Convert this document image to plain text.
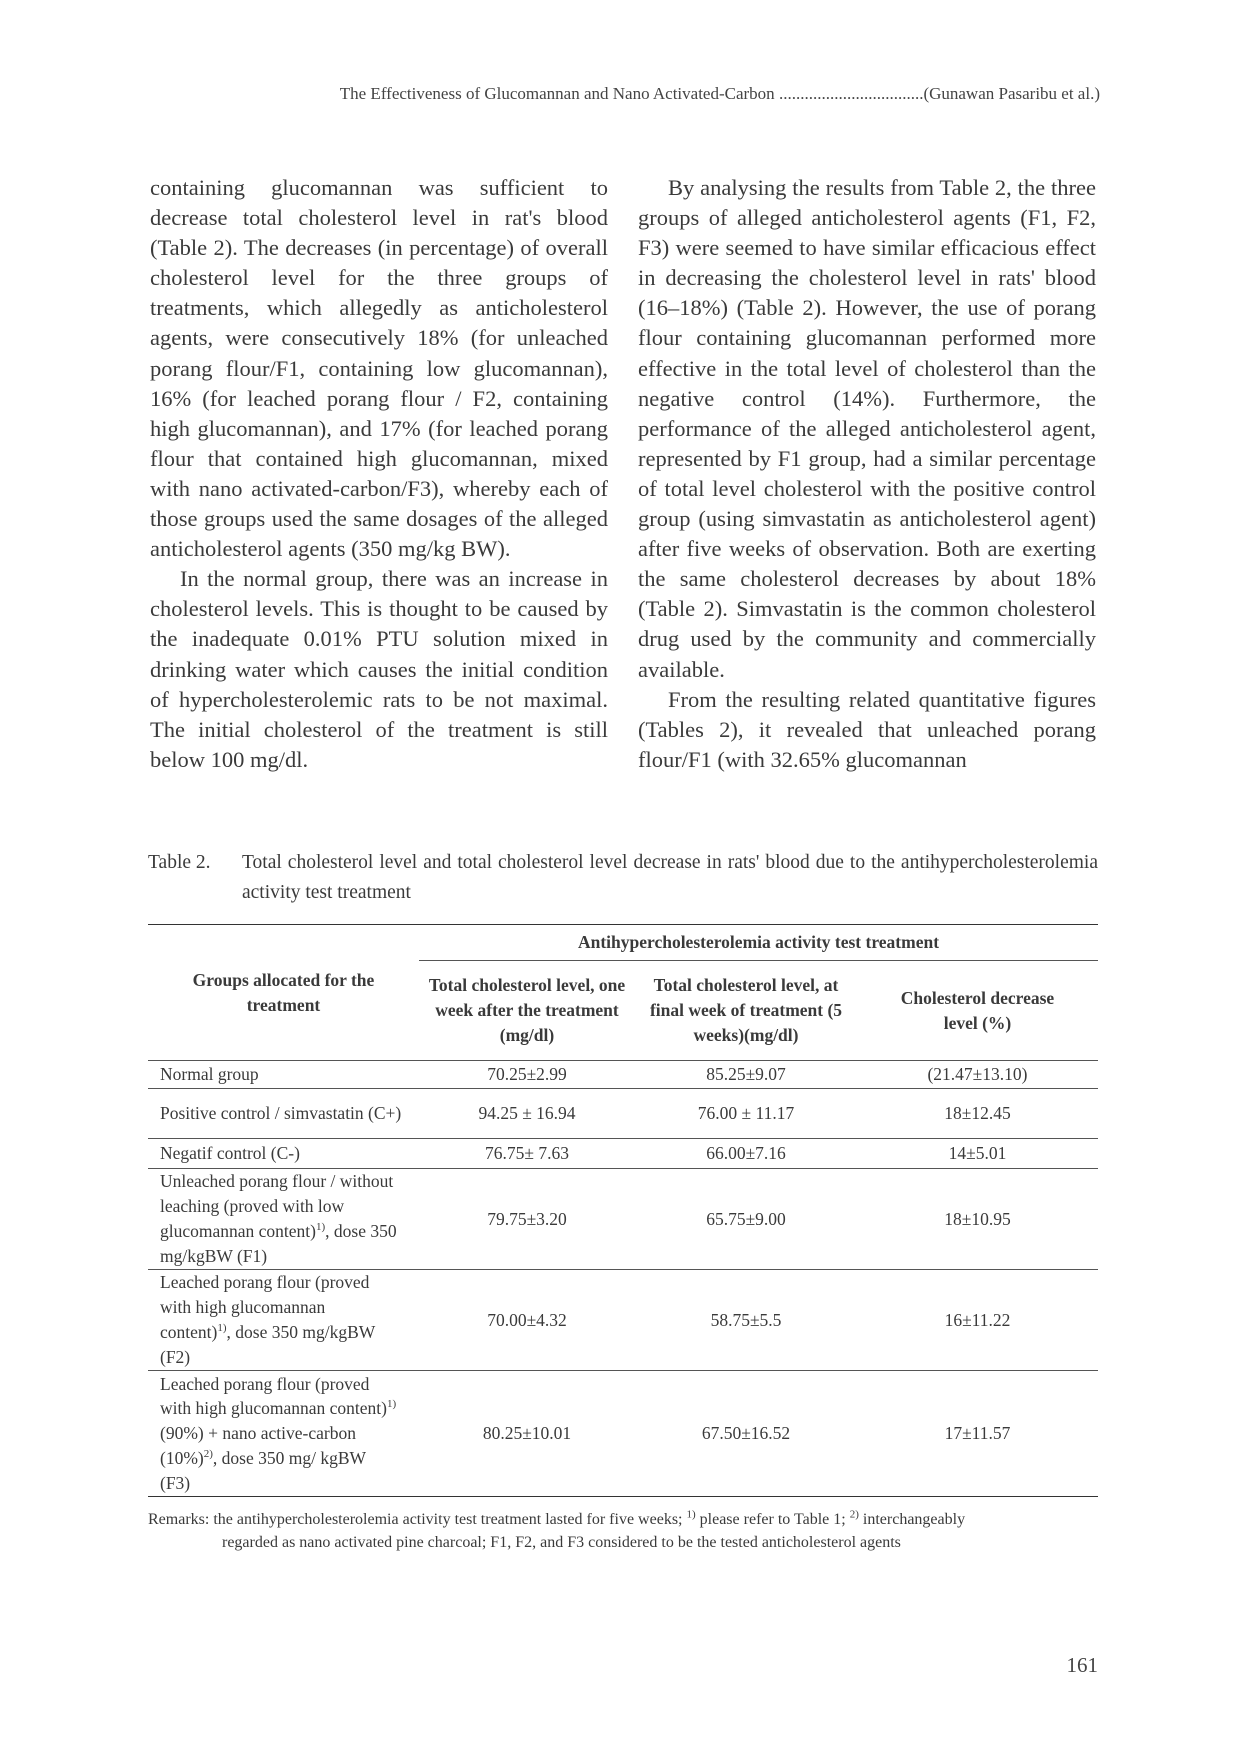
The Effectiveness of Glucomannan and Nano Activated-Carbon ..................................(Gunawan Pasaribu et al.)

containing glucomannan was sufficient to decrease total cholesterol level in rat's blood (Table 2). The decreases (in percentage) of overall cholesterol level for the three groups of treatments, which allegedly as anticholesterol agents, were consecutively 18% (for unleached porang flour/F1, containing low glucomannan), 16% (for leached porang flour / F2, containing high glucomannan), and 17% (for leached porang flour that contained high glucomannan, mixed with nano activated-carbon/F3), whereby each of those groups used the same dosages of the alleged anticholesterol agents (350 mg/kg BW).

In the normal group, there was an increase in cholesterol levels. This is thought to be caused by the inadequate 0.01% PTU solution mixed in drinking water which causes the initial condition of hypercholesterolemic rats to be not maximal. The initial cholesterol of the treatment is still below 100 mg/dl.

By analysing the results from Table 2, the three groups of alleged anticholesterol agents (F1, F2, F3) were seemed to have similar efficacious effect in decreasing the cholesterol level in rats' blood (16–18%) (Table 2). However, the use of porang flour containing glucomannan performed more effective in the total level of cholesterol than the negative control (14%). Furthermore, the performance of the alleged anticholesterol agent, represented by F1 group, had a similar percentage of total level cholesterol with the positive control group (using simvastatin as anticholesterol agent) after five weeks of observation. Both are exerting the same cholesterol decreases by about 18% (Table 2). Simvastatin is the common cholesterol drug used by the community and commercially available.

From the resulting related quantitative figures (Tables 2), it revealed that unleached porang flour/F1 (with 32.65% glucomannan

Table 2.	Total cholesterol level and total cholesterol level decrease in rats' blood due to the antihypercholesterolemia activity test treatment
Groups allocated for the treatment	Antihypercholesterolemia activity test treatment		
	Total cholesterol level, one week after the treatment (mg/dl)	Total cholesterol level, at final week of treatment (5 weeks)(mg/dl)	Cholesterol decrease level (%)
Normal group	70.25±2.99	85.25±9.07	(21.47±13.10)
Positive control / simvastatin (C+)	94.25 ± 16.94	76.00 ± 11.17	18±12.45
Negatif control (C-)	76.75± 7.63	66.00±7.16	14±5.01
Unleached porang flour / without leaching (proved with low glucomannan content)$^{1)}$, dose 350 mg/kgBW (F1)	79.75±3.20	65.75±9.00	18±10.95
Leached porang flour (proved with high glucomannan content)$^{1)}$, dose 350 mg/kgBW (F2)	70.00±4.32	58.75±5.5	16±11.22
Leached porang flour (proved with high glucomannan content)$^{1)}$ (90%) + nano active-carbon $(10\%)^{2)}$, dose 350 mg/ kgBW (F3)	80.25±10.01	67.50±16.52	17±11.57
Remarks: the antihypercholesterolemia activity test treatment lasted for five weeks; $^{1)}$ please refer to Table 1; $^{2)}$ interchangeably
regarded as nano activated pine charcoal; F1, F2, and F3 considered to be the tested anticholesterol agents
161
